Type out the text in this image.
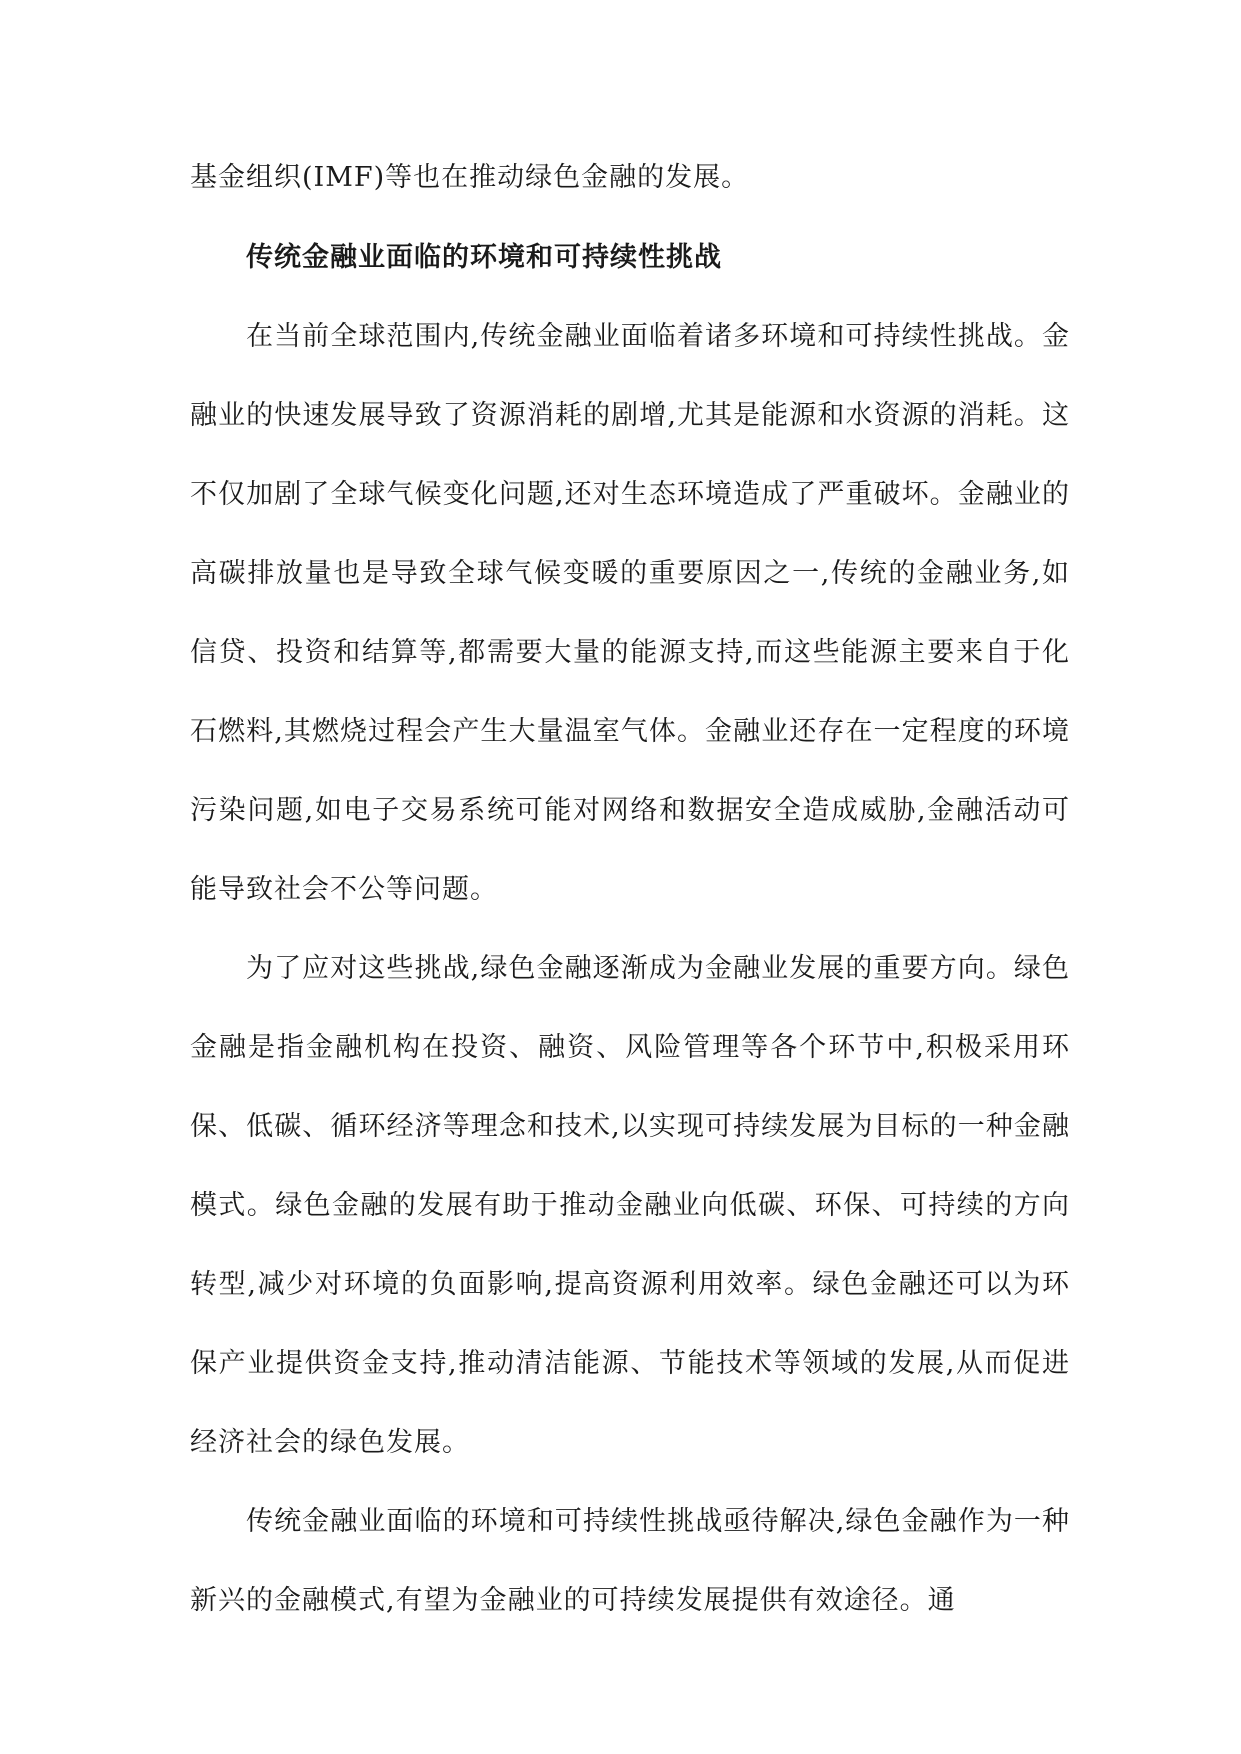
基金组织(IMF)等也在推动绿色金融的发展。

传统金融业面临的环境和可持续性挑战

在当前全球范围内,传统金融业面临着诸多环境和可持续性挑战。金融业的快速发展导致了资源消耗的剧增,尤其是能源和水资源的消耗。这不仅加剧了全球气候变化问题,还对生态环境造成了严重破坏。金融业的高碳排放量也是导致全球气候变暖的重要原因之一,传统的金融业务,如信贷、投资和结算等,都需要大量的能源支持,而这些能源主要来自于化石燃料,其燃烧过程会产生大量温室气体。金融业还存在一定程度的环境污染问题,如电子交易系统可能对网络和数据安全造成威胁,金融活动可能导致社会不公等问题。

为了应对这些挑战,绿色金融逐渐成为金融业发展的重要方向。绿色金融是指金融机构在投资、融资、风险管理等各个环节中,积极采用环保、低碳、循环经济等理念和技术,以实现可持续发展为目标的一种金融模式。绿色金融的发展有助于推动金融业向低碳、环保、可持续的方向转型,减少对环境的负面影响,提高资源利用效率。绿色金融还可以为环保产业提供资金支持,推动清洁能源、节能技术等领域的发展,从而促进经济社会的绿色发展。

传统金融业面临的环境和可持续性挑战亟待解决,绿色金融作为一种新兴的金融模式,有望为金融业的可持续发展提供有效途径。通
